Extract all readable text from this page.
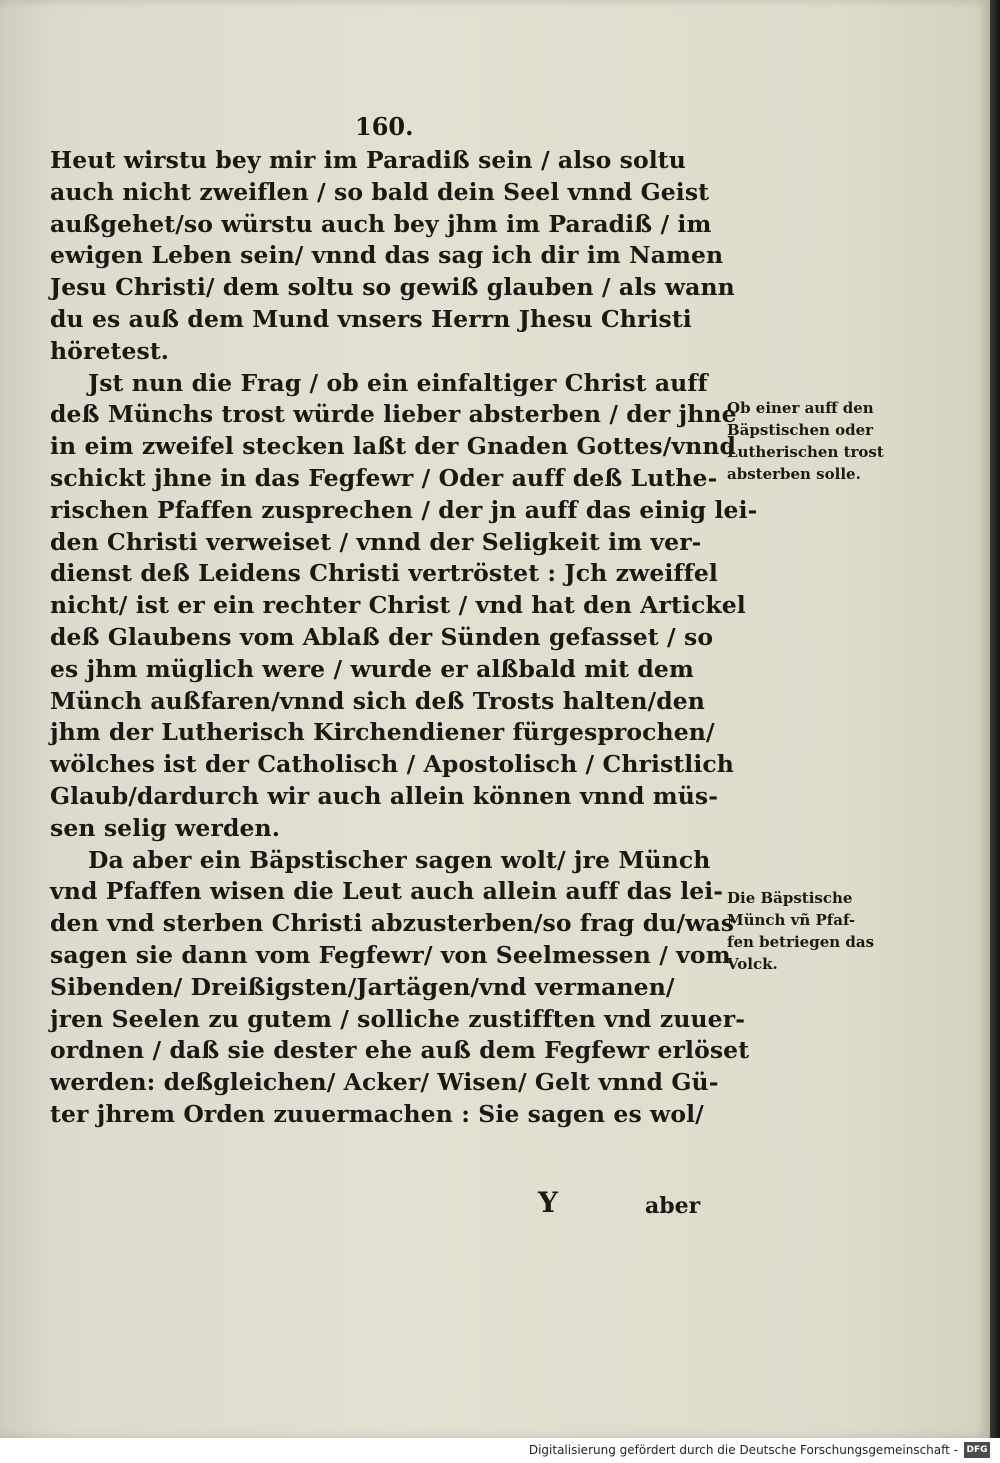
160.
Heut wirstu bey mir im Paradiß sein / also soltu
auch nicht zweiflen / so bald dein Seel vnnd Geist
außgehet/so würstu auch bey jhm im Paradiß / im
ewigen Leben sein/ vnnd das sag ich dir im Namen
Jesu Christi/ dem soltu so gewiß glauben / als wann
du es auß dem Mund vnsers Herrn Jhesu Christi
höretest.
Jst nun die Frag / ob ein einfaltiger Christ auff
deß Münchs trost würde lieber absterben / der jhne
in eim zweifel stecken laßt der Gnaden Gottes/vnnd
schickt jhne in das Fegfewr / Oder auff deß Luthe-
rischen Pfaffen zusprechen / der jn auff das einig lei-
den Christi verweiset / vnnd der Seligkeit im ver-
dienst deß Leidens Christi vertröstet : Jch zweiffel
nicht/ ist er ein rechter Christ / vnd hat den Artickel
deß Glaubens vom Ablaß der Sünden gefasset / so
es jhm müglich were / wurde er alßbald mit dem
Münch außfaren/vnnd sich deß Trosts halten/den
jhm der Lutherisch Kirchendiener fürgesprochen/
wölches ist der Catholisch / Apostolisch / Christlich
Glaub/dardurch wir auch allein können vnnd müs-
sen selig werden.
Da aber ein Bäpstischer sagen wolt/ jre Münch
vnd Pfaffen wisen die Leut auch allein auff das lei-
den vnd sterben Christi abzusterben/so frag du/was
sagen sie dann vom Fegfewr/ von Seelmessen / vom
Sibenden/ Dreißigsten/Jartägen/vnd vermanen/
jren Seelen zu gutem / solliche zustifften vnd zuuer-
ordnen / daß sie dester ehe auß dem Fegfewr erlöset
werden: deßgleichen/ Acker/ Wisen/ Gelt vnnd Gü-
ter jhrem Orden zuuermachen : Sie sagen es wol/
Ob einer auff den
Bäpstischen oder
Lutherischen trost
absterben solle.
Die Bäpstische
Münch vñ Pfaf-
fen betriegen das
Volck.
Y	aber
Digitalisierung gefördert durch die Deutsche Forschungsgemeinschaft - DFG
